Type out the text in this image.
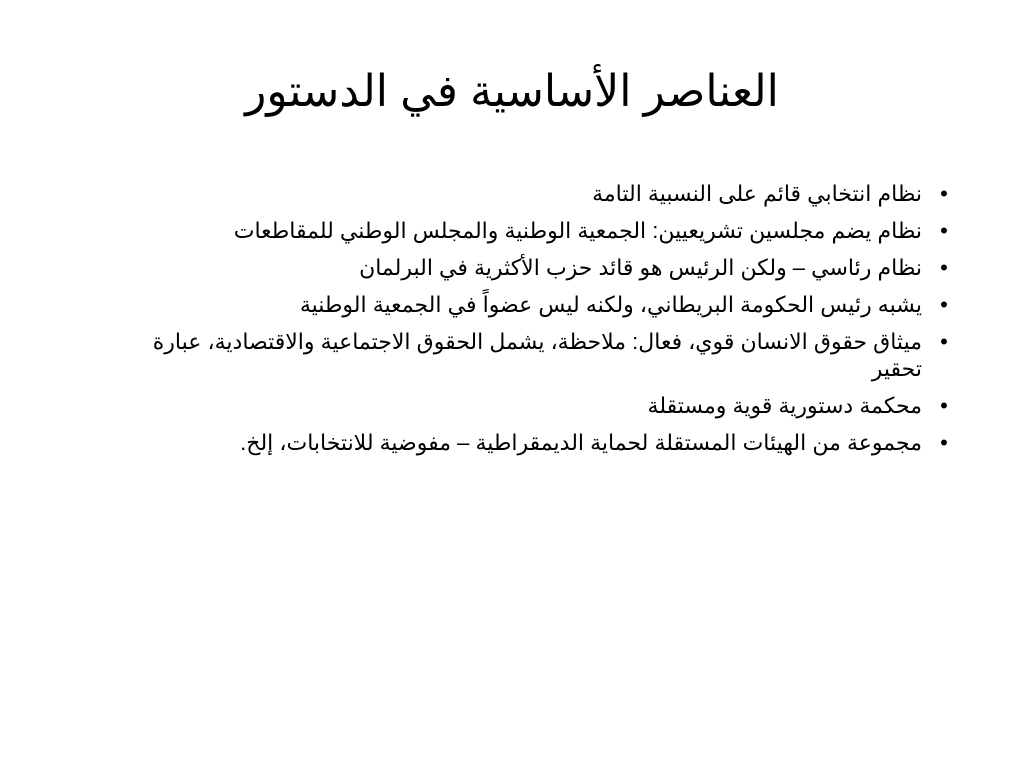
العناصر الأساسية في الدستور
•
نظام انتخابي قائم على النسبية التامة
•
نظام يضم مجلسين تشريعيين: الجمعية الوطنية والمجلس الوطني للمقاطعات
•
نظام رئاسي – ولكن الرئيس هو قائد حزب الأكثرية في البرلمان
•
يشبه رئيس الحكومة البريطاني، ولكنه ليس عضواً في الجمعية الوطنية
•
ميثاق حقوق الانسان قوي، فعال: ملاحظة، يشمل الحقوق الاجتماعية والاقتصادية، عبارة تحقير
•
محكمة دستورية قوية ومستقلة
•
مجموعة من الهيئات المستقلة لحماية الديمقراطية – مفوضية للانتخابات، إلخ.
